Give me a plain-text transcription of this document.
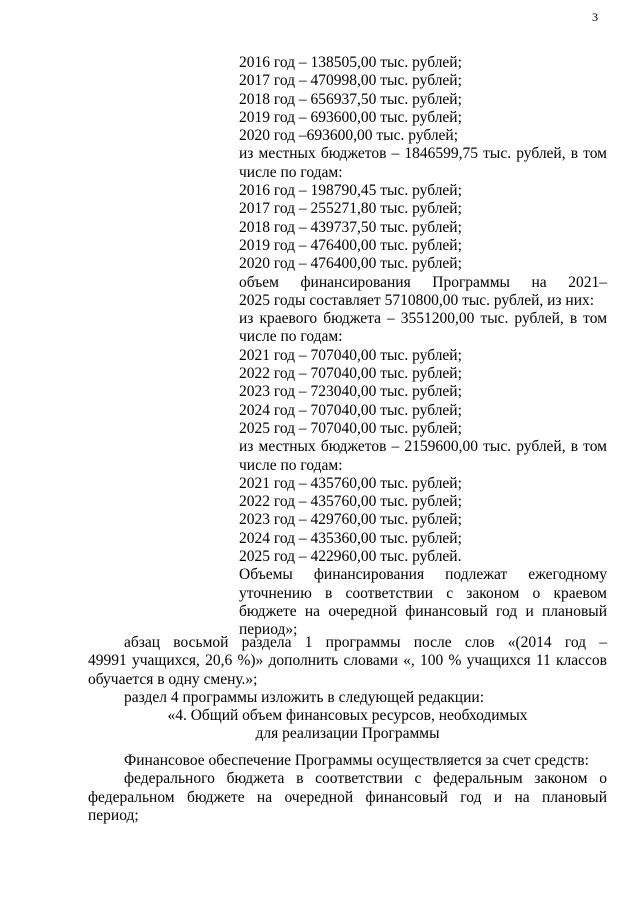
3
2016 год – 138505,00 тыс. рублей;
2017 год – 470998,00 тыс. рублей;
2018 год – 656937,50 тыс. рублей;
2019 год – 693600,00 тыс. рублей;
2020 год –693600,00 тыс. рублей;
из местных бюджетов – 1846599,75 тыс. рублей, в том
числе по годам:
2016 год – 198790,45 тыс. рублей;
2017 год – 255271,80 тыс. рублей;
2018 год – 439737,50 тыс. рублей;
2019 год – 476400,00 тыс. рублей;
2020 год – 476400,00 тыс. рублей;
объем финансирования Программы на 2021–
2025 годы составляет 5710800,00 тыс. рублей, из них:
из краевого бюджета – 3551200,00 тыс. рублей, в том
числе по годам:
2021 год – 707040,00 тыс. рублей;
2022 год – 707040,00 тыс. рублей;
2023 год – 723040,00 тыс. рублей;
2024 год – 707040,00 тыс. рублей;
2025 год – 707040,00 тыс. рублей;
из местных бюджетов – 2159600,00 тыс. рублей, в том
числе по годам:
2021 год – 435760,00 тыс. рублей;
2022 год – 435760,00 тыс. рублей;
2023 год – 429760,00 тыс. рублей;
2024 год – 435360,00 тыс. рублей;
2025 год – 422960,00 тыс. рублей.
Объемы финансирования подлежат ежегодному
уточнению в соответствии с законом о краевом
бюджете на очередной финансовый год и плановый
период»;
абзац восьмой раздела 1 программы после слов «(2014 год –
49991 учащихся, 20,6 %)» дополнить словами «, 100 % учащихся 11 классов
обучается в одну смену.»;
раздел 4 программы изложить в следующей редакции:
«4. Общий объем финансовых ресурсов, необходимых
для реализации Программы
Финансовое обеспечение Программы осуществляется за счет средств:
федерального бюджета в соответствии с федеральным законом о
федеральном бюджете на очередной финансовый год и на плановый
период;
